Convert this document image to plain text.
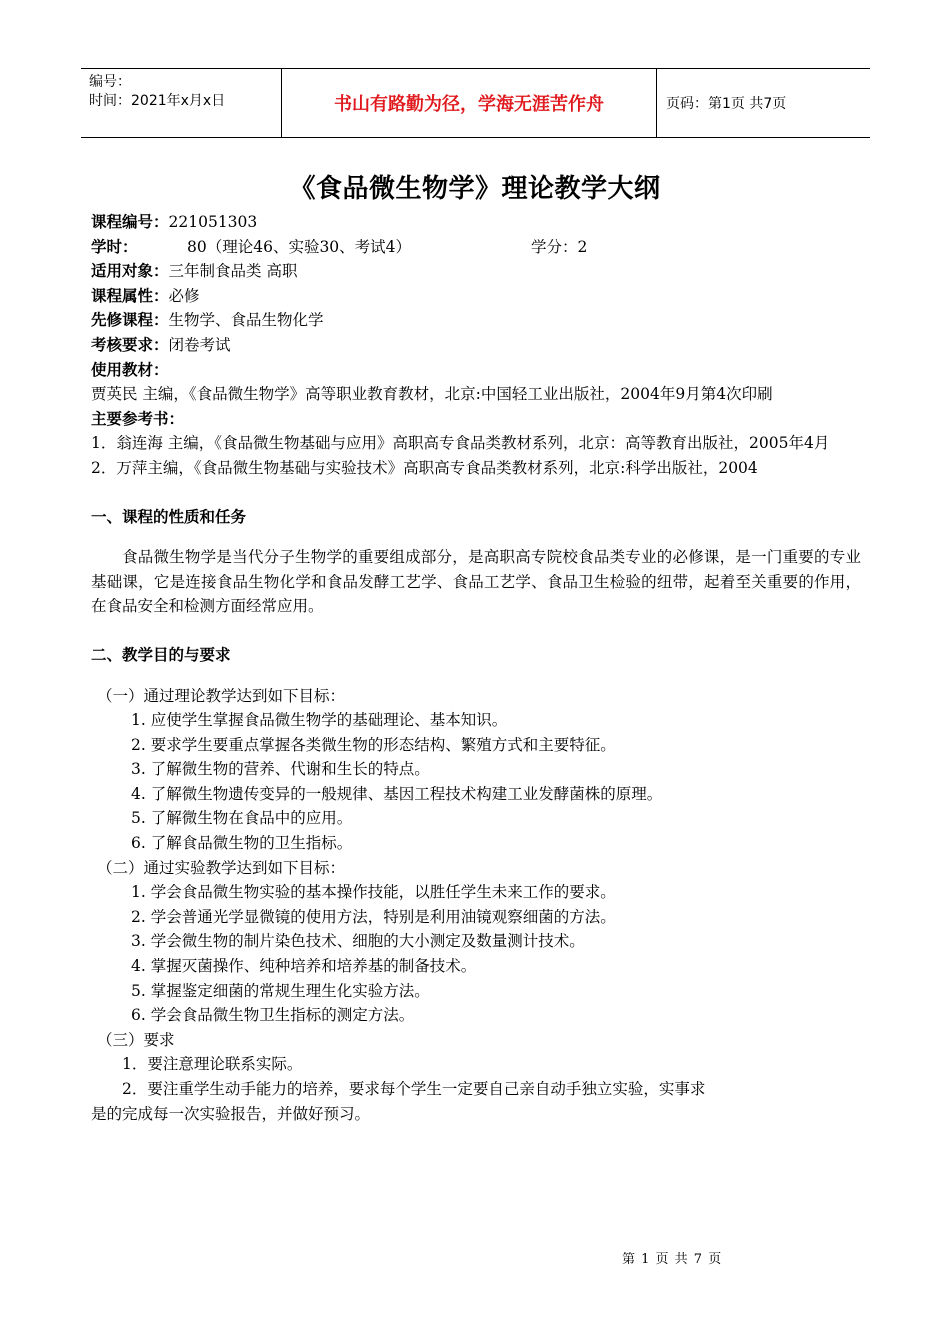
编号：
时间：2021年x月x日	书山有路勤为径，学海无涯苦作舟	页码：第1页 共7页
《食品微生物学》理论教学大纲
课程编号： 221051303
学时：	80（理论46、实验30、考试4）	学分：2
适用对象： 三年制食品类 高职
课程属性： 必修
先修课程： 生物学、食品生物化学
考核要求： 闭卷考试
使用教材：
贾英民 主编，《食品微生物学》高等职业教育教材，北京:中国轻工业出版社，2004年9月第4次印刷
主要参考书：
1．翁连海 主编，《食品微生物基础与应用》高职高专食品类教材系列，北京：高等教育出版社，2005年4月
2．万萍主编，《食品微生物基础与实验技术》高职高专食品类教材系列，北京:科学出版社，2004
一、课程的性质和任务
食品微生物学是当代分子生物学的重要组成部分，是高职高专院校食品类专业的必修课，是一门重要的专业基础课，它是连接食品生物化学和食品发酵工艺学、食品工艺学、食品卫生检验的纽带，起着至关重要的作用，在食品安全和检测方面经常应用。
二、教学目的与要求
（一）通过理论教学达到如下目标：
1. 应使学生掌握食品微生物学的基础理论、基本知识。
2. 要求学生要重点掌握各类微生物的形态结构、繁殖方式和主要特征。
3. 了解微生物的营养、代谢和生长的特点。
4. 了解微生物遗传变异的一般规律、基因工程技术构建工业发酵菌株的原理。
5. 了解微生物在食品中的应用。
6. 了解食品微生物的卫生指标。
（二）通过实验教学达到如下目标：
1. 学会食品微生物实验的基本操作技能，以胜任学生未来工作的要求。
2. 学会普通光学显微镜的使用方法，特别是利用油镜观察细菌的方法。
3. 学会微生物的制片染色技术、细胞的大小测定及数量测计技术。
4. 掌握灭菌操作、纯种培养和培养基的制备技术。
5. 掌握鉴定细菌的常规生理生化实验方法。
6. 学会食品微生物卫生指标的测定方法。
（三）要求
1．要注意理论联系实际。
2．要注重学生动手能力的培养，要求每个学生一定要自己亲自动手独立实验，实事求
是的完成每一次实验报告，并做好预习。
第 1 页 共 7 页
